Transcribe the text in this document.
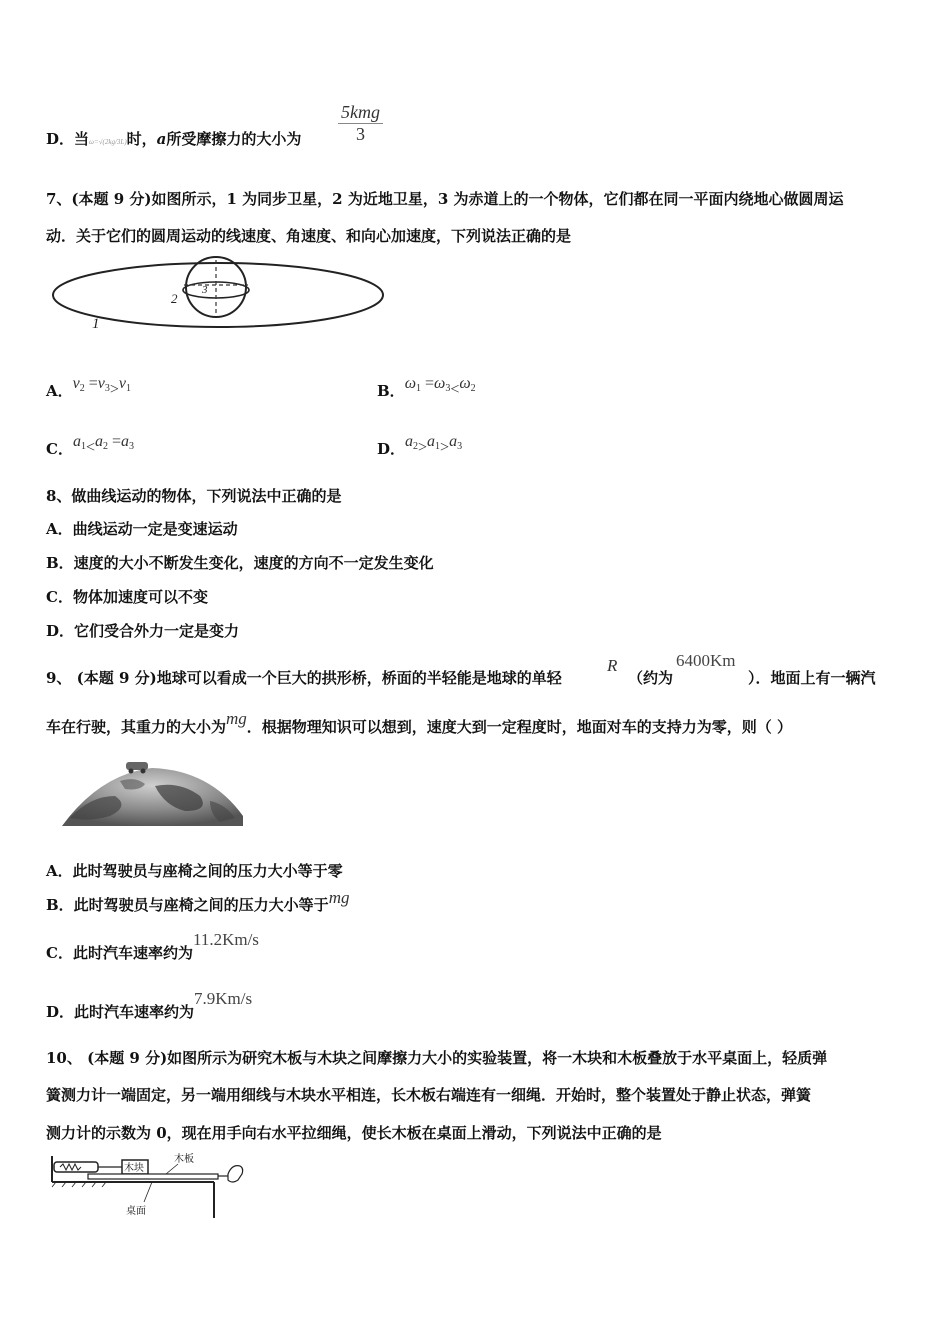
D．当ω=√(2kg/3L)时，a所受摩擦力的大小为
5kmg
3
7、(本题 9 分)如图所示，1 为同步卫星，2 为近地卫星，3 为赤道上的一个物体，它们都在同一平面内绕地心做圆周运
动．关于它们的圆周运动的线速度、角速度、和向心加速度，下列说法正确的是
2
3
1
A．$v_2 =v_3>v_1$	B．$\omega_1 =\omega_3<\omega_2$
C．$a_1<a_2 =a_3$	D．$a_2>a_1>a_3$
8、做曲线运动的物体，下列说法中正确的是
A．曲线运动一定是变速运动
B．速度的大小不断发生变化，速度的方向不一定发生变化
C．物体加速度可以不变
D．它们受合外力一定是变力
9、 (本题 9 分)地球可以看成一个巨大的拱形桥，桥面的半轻能是地球的单轻
R
（约为
6400Km
）．地面上有一辆汽
车在行驶，其重力的大小为mg．根据物理知识可以想到，速度大到一定程度时，地面对车的支持力为零，则（ ）
A．此时驾驶员与座椅之间的压力大小等于零
B．此时驾驶员与座椅之间的压力大小等于mg
C．此时汽车速率约为11.2Km/s
D．此时汽车速率约为7.9Km/s
10、 (本题 9 分)如图所示为研究木板与木块之间摩擦力大小的实验装置，将一木块和木板叠放于水平桌面上，轻质弹
簧测力计一端固定，另一端用细线与木块水平相连，长木板右端连有一细绳．开始时，整个装置处于静止状态，弹簧
测力计的示数为 0，现在用手向右水平拉细绳，使长木板在桌面上滑动，下列说法中正确的是
木块
木板
桌面
